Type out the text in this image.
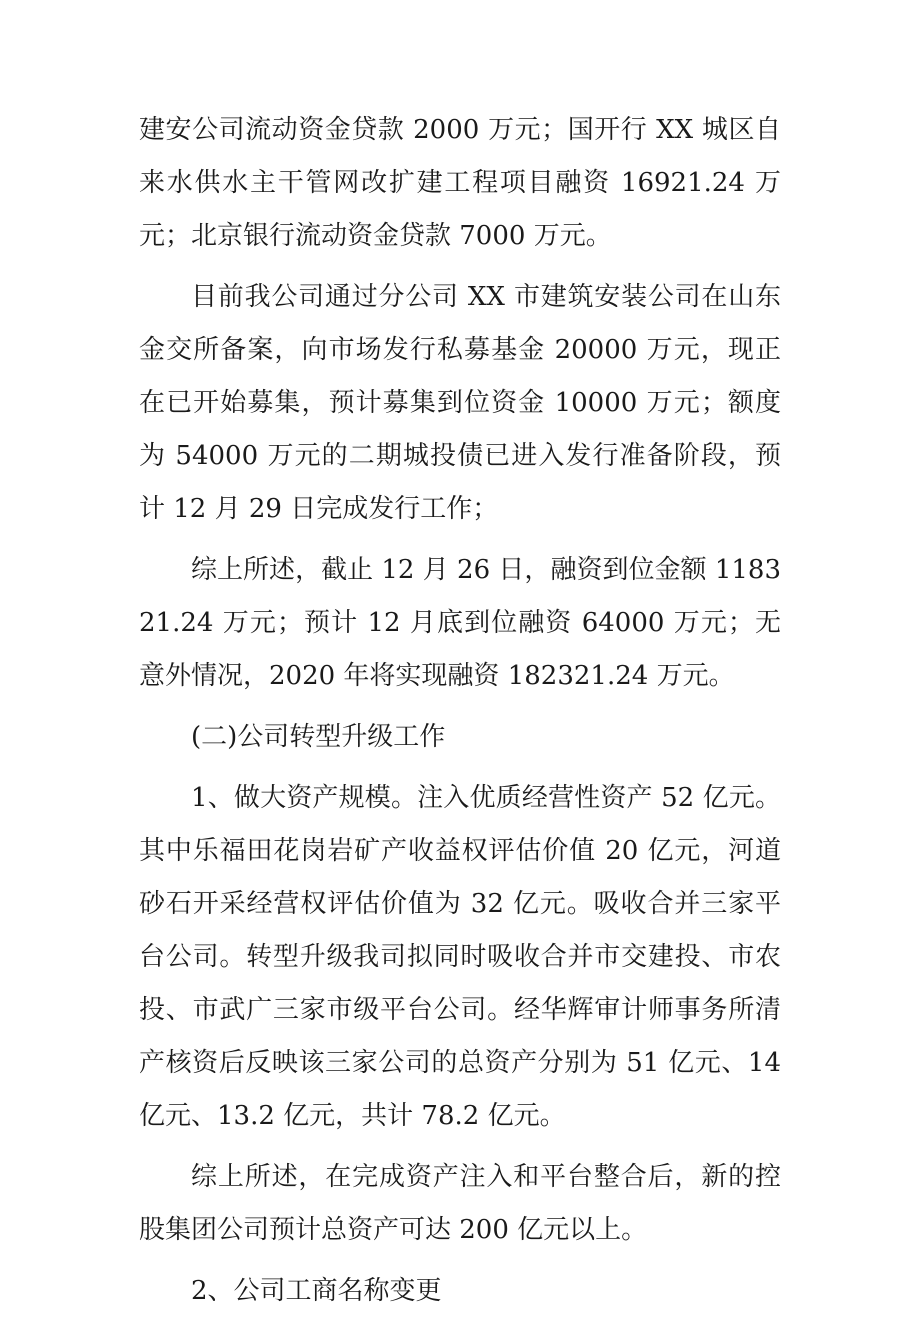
建安公司流动资金贷款 2000 万元；国开行 XX 城区自来水供水主干管网改扩建工程项目融资 16921.24 万元；北京银行流动资金贷款 7000 万元。

目前我公司通过分公司 XX 市建筑安装公司在山东金交所备案，向市场发行私募基金 20000 万元，现正在已开始募集，预计募集到位资金 10000 万元；额度为 54000 万元的二期城投债已进入发行准备阶段，预计 12 月 29 日完成发行工作；

综上所述，截止 12 月 26 日，融资到位金额 118321.24 万元；预计 12 月底到位融资 64000 万元；无意外情况，2020 年将实现融资 182321.24 万元。

(二)公司转型升级工作

1、做大资产规模。注入优质经营性资产 52 亿元。其中乐福田花岗岩矿产收益权评估价值 20 亿元，河道砂石开采经营权评估价值为 32 亿元。吸收合并三家平台公司。转型升级我司拟同时吸收合并市交建投、市农投、市武广三家市级平台公司。经华辉审计师事务所清产核资后反映该三家公司的总资产分别为 51 亿元、14 亿元、13.2 亿元，共计 78.2 亿元。

综上所述，在完成资产注入和平台整合后，新的控股集团公司预计总资产可达 200 亿元以上。

2、公司工商名称变更
